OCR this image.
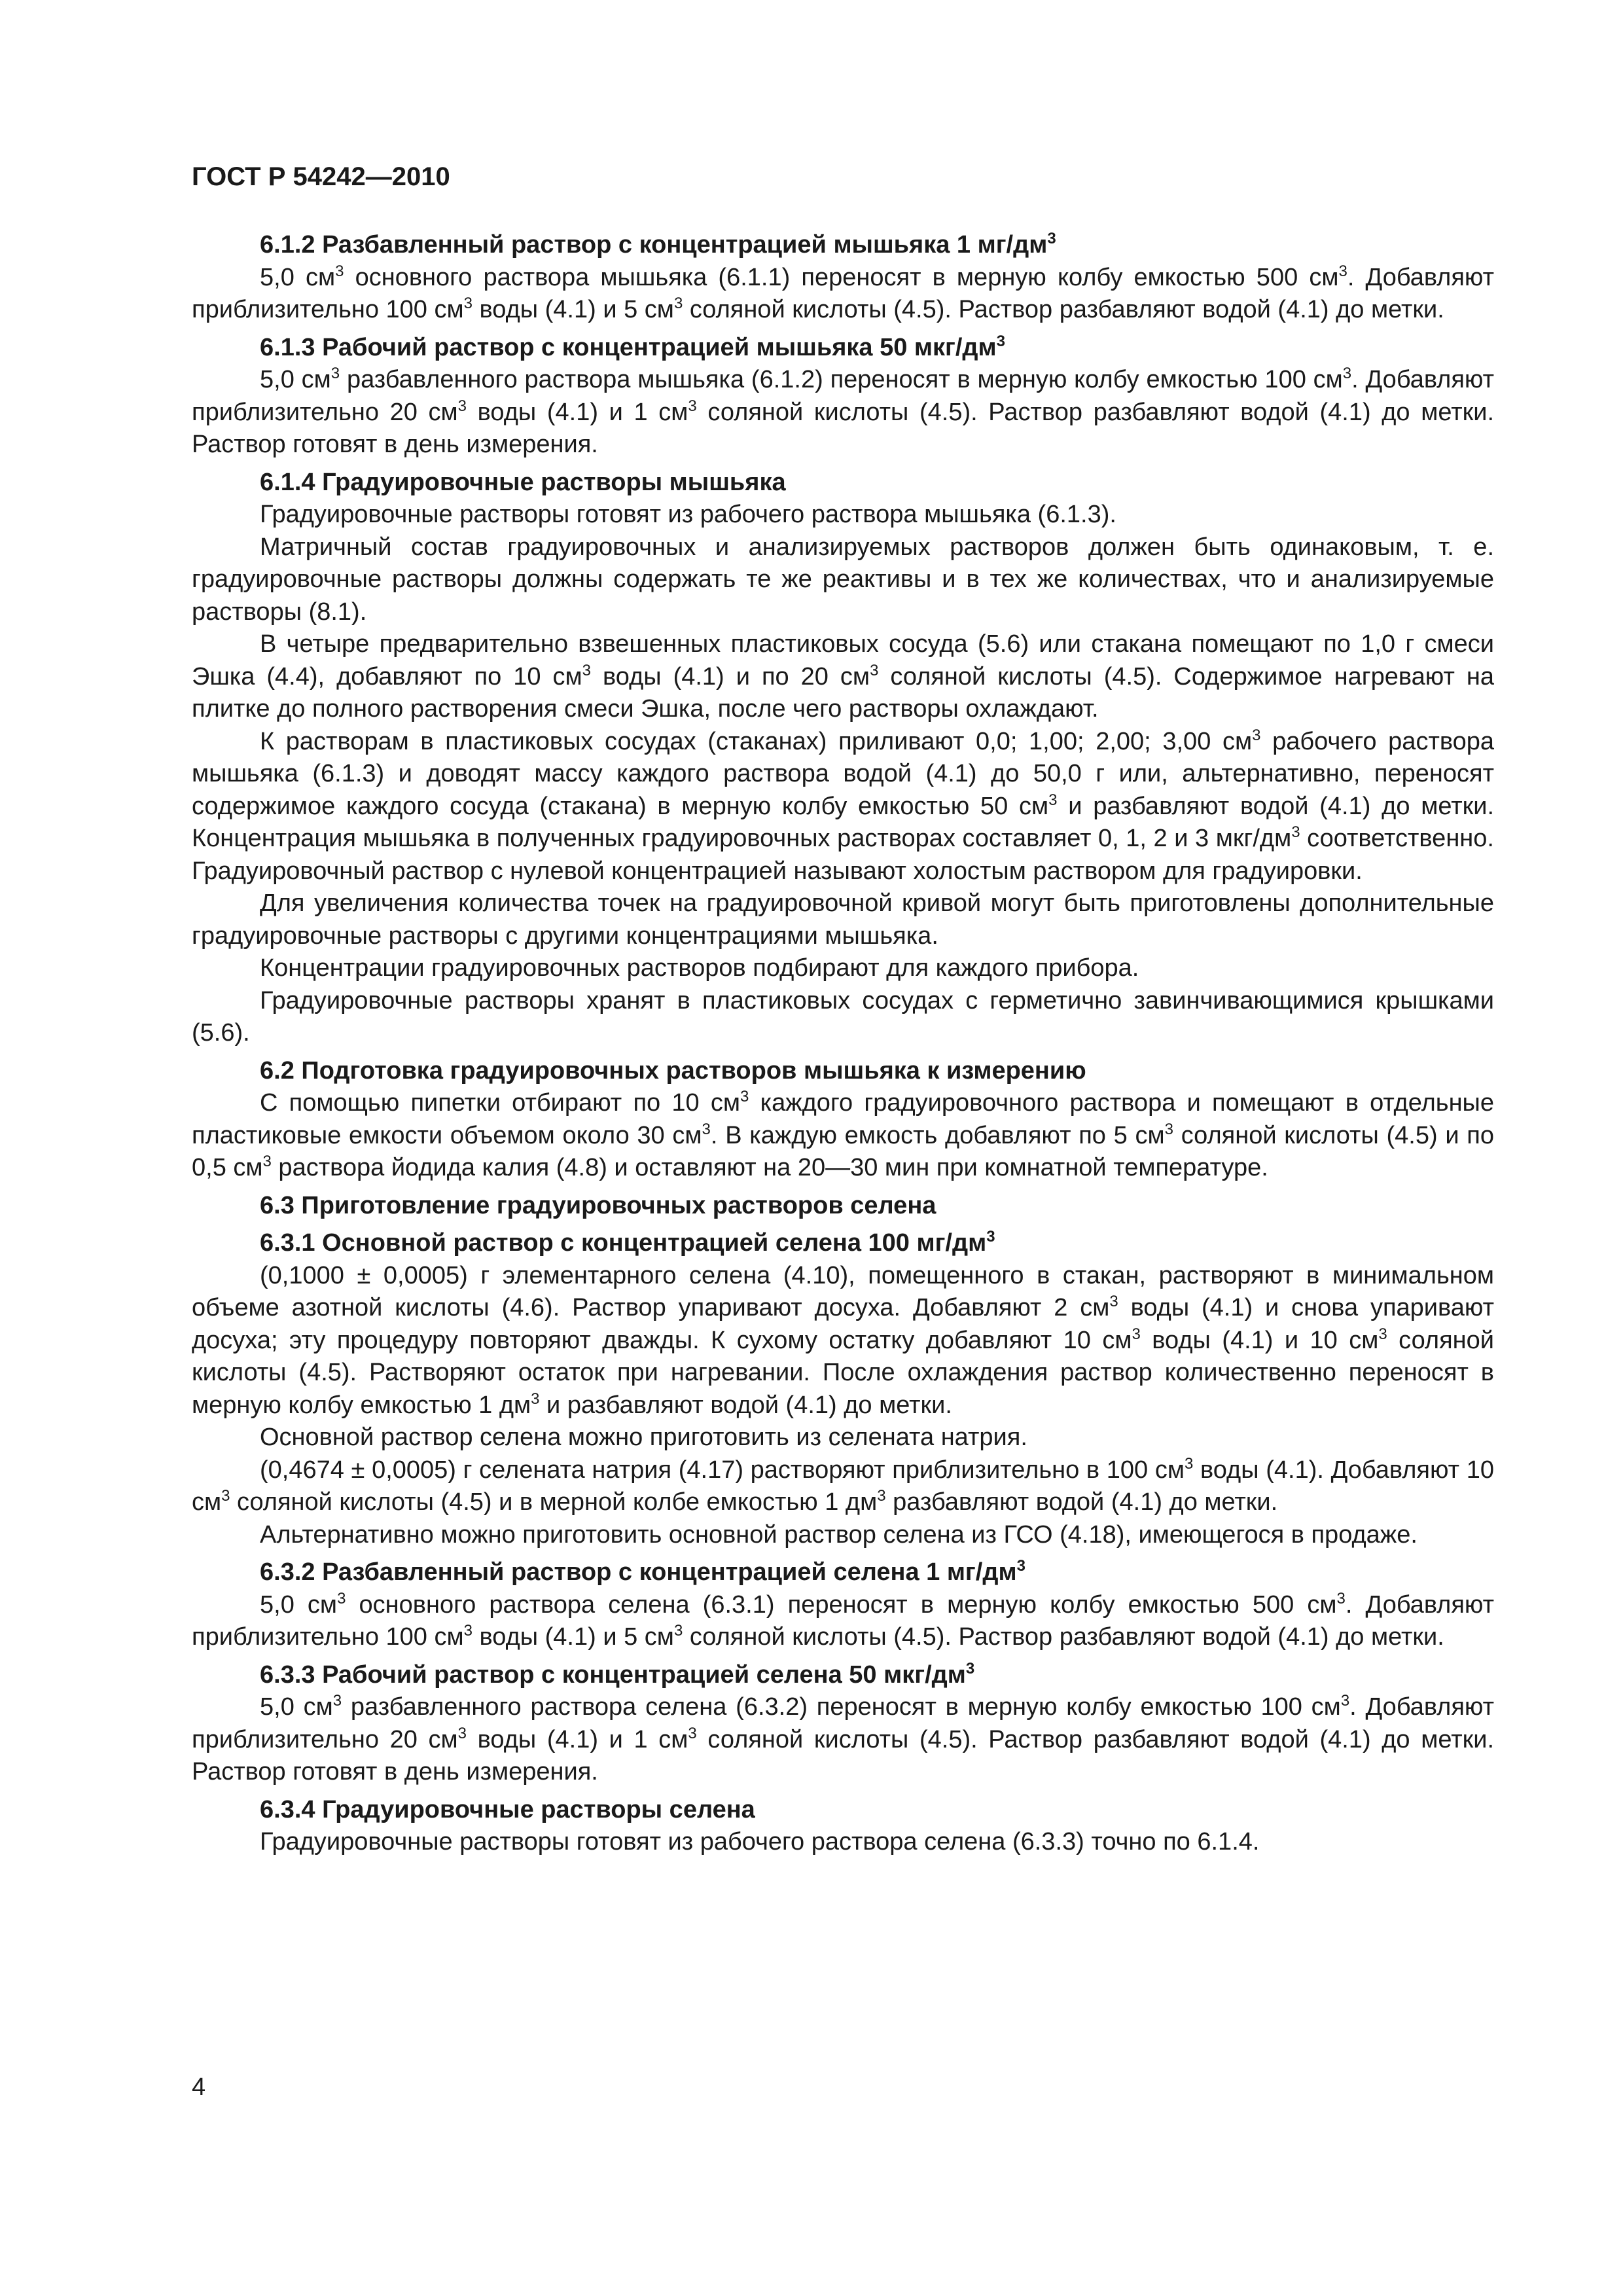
ГОСТ Р 54242—2010
6.1.2 Разбавленный раствор с концентрацией мышьяка 1 $мг/дм^3$
5,0 $см^3$ основного раствора мышьяка (6.1.1) переносят в мерную колбу емкостью 500 $см^3$. Добавляют приблизительно 100 $см^3$ воды (4.1) и 5 $см^3$ соляной кислоты (4.5). Раствор разбавляют водой (4.1) до метки.
6.1.3 Рабочий раствор с концентрацией мышьяка 50 мкг/$дм^3$
5,0 $см^3$ разбавленного раствора мышьяка (6.1.2) переносят в мерную колбу емкостью 100 $см^3$. Добавляют приблизительно 20 $см^3$ воды (4.1) и 1 $см^3$ соляной кислоты (4.5). Раствор разбавляют водой (4.1) до метки. Раствор готовят в день измерения.
6.1.4 Градуировочные растворы мышьяка
Градуировочные растворы готовят из рабочего раствора мышьяка (6.1.3).
Матричный состав градуировочных и анализируемых растворов должен быть одинаковым, т. е. градуировочные растворы должны содержать те же реактивы и в тех же количествах, что и анализируемые растворы (8.1).
В четыре предварительно взвешенных пластиковых сосуда (5.6) или стакана помещают по 1,0 г смеси Эшка (4.4), добавляют по 10 $см^3$ воды (4.1) и по 20 $см^3$ соляной кислоты (4.5). Содержимое нагревают на плитке до полного растворения смеси Эшка, после чего растворы охлаждают.
К растворам в пластиковых сосудах (стаканах) приливают 0,0; 1,00; 2,00; 3,00 $см^3$ рабочего раствора мышьяка (6.1.3) и доводят массу каждого раствора водой (4.1) до 50,0 г или, альтернативно, переносят содержимое каждого сосуда (стакана) в мерную колбу емкостью 50 $см^3$ и разбавляют водой (4.1) до метки. Концентрация мышьяка в полученных градуировочных растворах составляет 0, 1, 2 и 3 мкг/$дм^3$ соответственно. Градуировочный раствор с нулевой концентрацией называют холостым раствором для градуировки.
Для увеличения количества точек на градуировочной кривой могут быть приготовлены дополнительные градуировочные растворы с другими концентрациями мышьяка.
Концентрации градуировочных растворов подбирают для каждого прибора.
Градуировочные растворы хранят в пластиковых сосудах с герметично завинчивающимися крышками (5.6).
6.2 Подготовка градуировочных растворов мышьяка к измерению
С помощью пипетки отбирают по 10 $см^3$ каждого градуировочного раствора и помещают в отдельные пластиковые емкости объемом около 30 $см^3$. В каждую емкость добавляют по 5 $см^3$ соляной кислоты (4.5) и по 0,5 $см^3$ раствора йодида калия (4.8) и оставляют на 20—30 мин при комнатной температуре.
6.3 Приготовление градуировочных растворов селена
6.3.1 Основной раствор с концентрацией селена 100 $мг/дм^3$
(0,1000 ± 0,0005) г элементарного селена (4.10), помещенного в стакан, растворяют в минимальном объеме азотной кислоты (4.6). Раствор упаривают досуха. Добавляют 2 $см^3$ воды (4.1) и снова упаривают досуха; эту процедуру повторяют дважды. К сухому остатку добавляют 10 $см^3$ воды (4.1) и 10 $см^3$ соляной кислоты (4.5). Растворяют остаток при нагревании. После охлаждения раствор количественно переносят в мерную колбу емкостью 1 $дм^3$ и разбавляют водой (4.1) до метки.
Основной раствор селена можно приготовить из селената натрия.
(0,4674 ± 0,0005) г селената натрия (4.17) растворяют приблизительно в 100 $см^3$ воды (4.1). Добавляют 10 $см^3$ соляной кислоты (4.5) и в мерной колбе емкостью 1 $дм^3$ разбавляют водой (4.1) до метки.
Альтернативно можно приготовить основной раствор селена из ГСО (4.18), имеющегося в продаже.
6.3.2 Разбавленный раствор с концентрацией селена 1 $мг/дм^3$
5,0 $см^3$ основного раствора селена (6.3.1) переносят в мерную колбу емкостью 500 $см^3$. Добавляют приблизительно 100 $см^3$ воды (4.1) и 5 $см^3$ соляной кислоты (4.5). Раствор разбавляют водой (4.1) до метки.
6.3.3 Рабочий раствор с концентрацией селена 50 мкг/$дм^3$
5,0 $см^3$ разбавленного раствора селена (6.3.2) переносят в мерную колбу емкостью 100 $см^3$. Добавляют приблизительно 20 $см^3$ воды (4.1) и 1 $см^3$ соляной кислоты (4.5). Раствор разбавляют водой (4.1) до метки. Раствор готовят в день измерения.
6.3.4 Градуировочные растворы селена
Градуировочные растворы готовят из рабочего раствора селена (6.3.3) точно по 6.1.4.
4
